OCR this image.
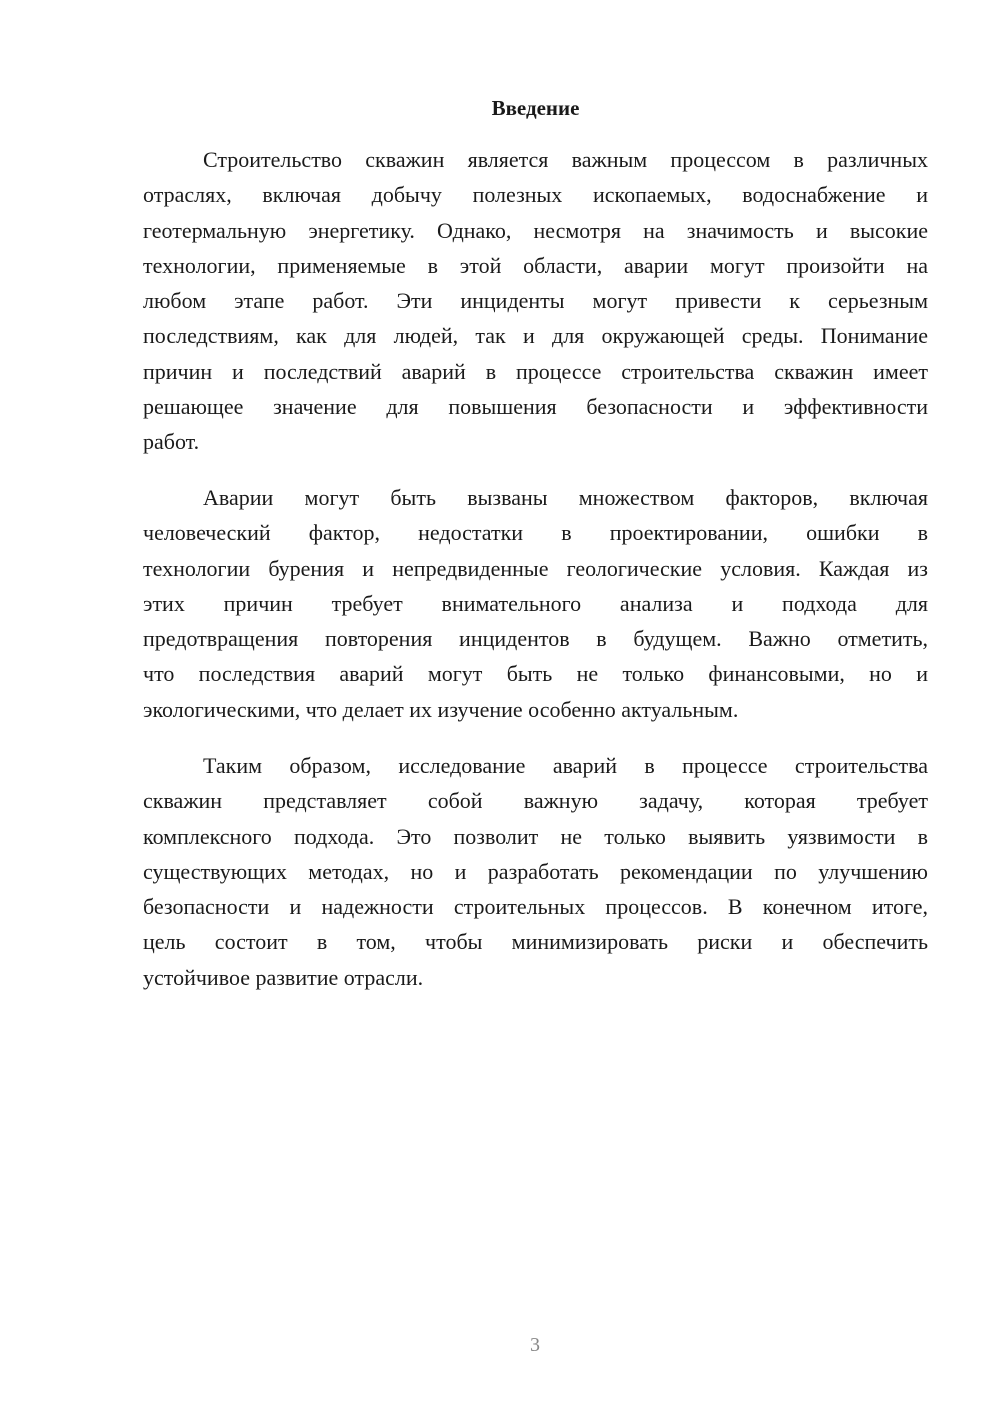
Введение
Строительство скважин является важным процессом в различных
отраслях, включая добычу полезных ископаемых, водоснабжение и
геотермальную энергетику. Однако, несмотря на значимость и высокие
технологии, применяемые в этой области, аварии могут произойти на
любом этапе работ. Эти инциденты могут привести к серьезным
последствиям, как для людей, так и для окружающей среды. Понимание
причин и последствий аварий в процессе строительства скважин имеет
решающее значение для повышения безопасности и эффективности
работ.
Аварии могут быть вызваны множеством факторов, включая
человеческий фактор, недостатки в проектировании, ошибки в
технологии бурения и непредвиденные геологические условия. Каждая из
этих причин требует внимательного анализа и подхода для
предотвращения повторения инцидентов в будущем. Важно отметить,
что последствия аварий могут быть не только финансовыми, но и
экологическими, что делает их изучение особенно актуальным.
Таким образом, исследование аварий в процессе строительства
скважин представляет собой важную задачу, которая требует
комплексного подхода. Это позволит не только выявить уязвимости в
существующих методах, но и разработать рекомендации по улучшению
безопасности и надежности строительных процессов. В конечном итоге,
цель состоит в том, чтобы минимизировать риски и обеспечить
устойчивое развитие отрасли.
3
